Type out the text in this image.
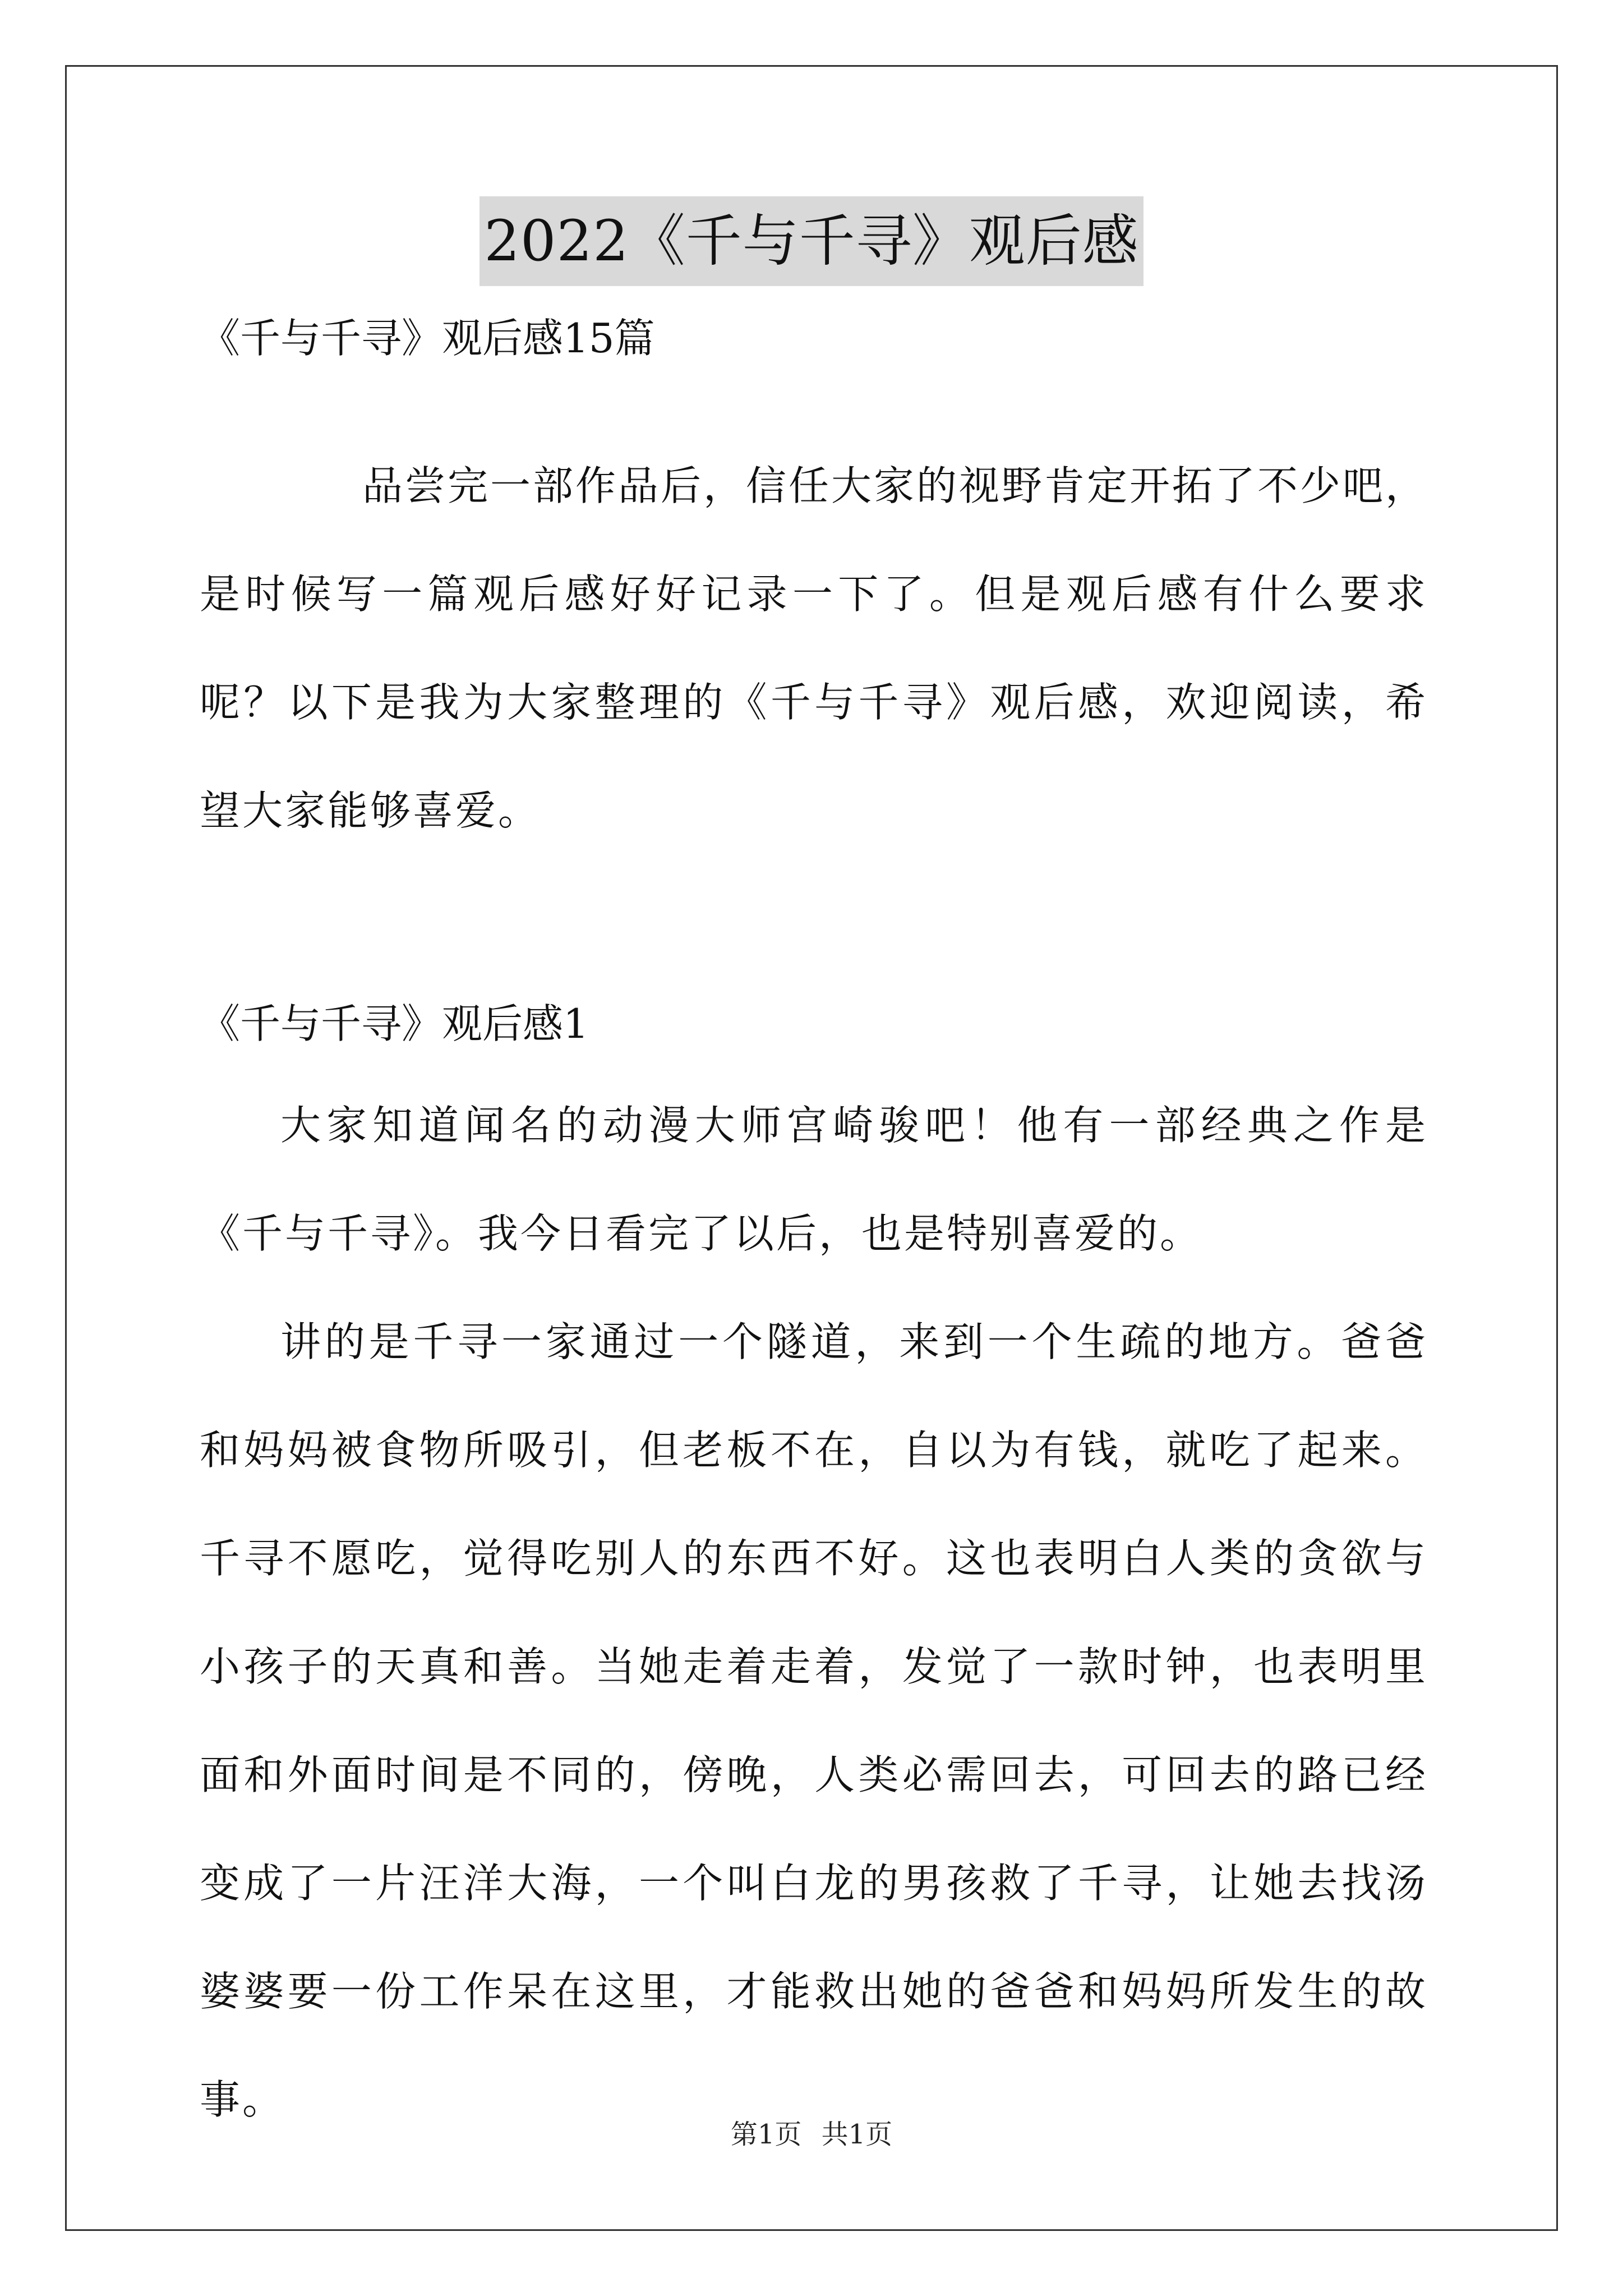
2022《千与千寻》观后感

《千与千寻》观后感15篇

品尝完一部作品后，信任大家的视野肯定开拓了不少吧，是时候写一篇观后感好好记录一下了。但是观后感有什么要求呢？以下是我为大家整理的《千与千寻》观后感，欢迎阅读，希望大家能够喜爱。

《千与千寻》观后感1

大家知道闻名的动漫大师宫崎骏吧！他有一部经典之作是《千与千寻》。我今日看完了以后，也是特别喜爱的。

讲的是千寻一家通过一个隧道，来到一个生疏的地方。爸爸和妈妈被食物所吸引，但老板不在，自以为有钱，就吃了起来。千寻不愿吃，觉得吃别人的东西不好。这也表明白人类的贪欲与小孩子的天真和善。当她走着走着，发觉了一款时钟，也表明里面和外面时间是不同的，傍晚，人类必需回去，可回去的路已经变成了一片汪洋大海，一个叫白龙的男孩救了千寻，让她去找汤婆婆要一份工作呆在这里，才能救出她的爸爸和妈妈所发生的故事。

第1页 共1页
